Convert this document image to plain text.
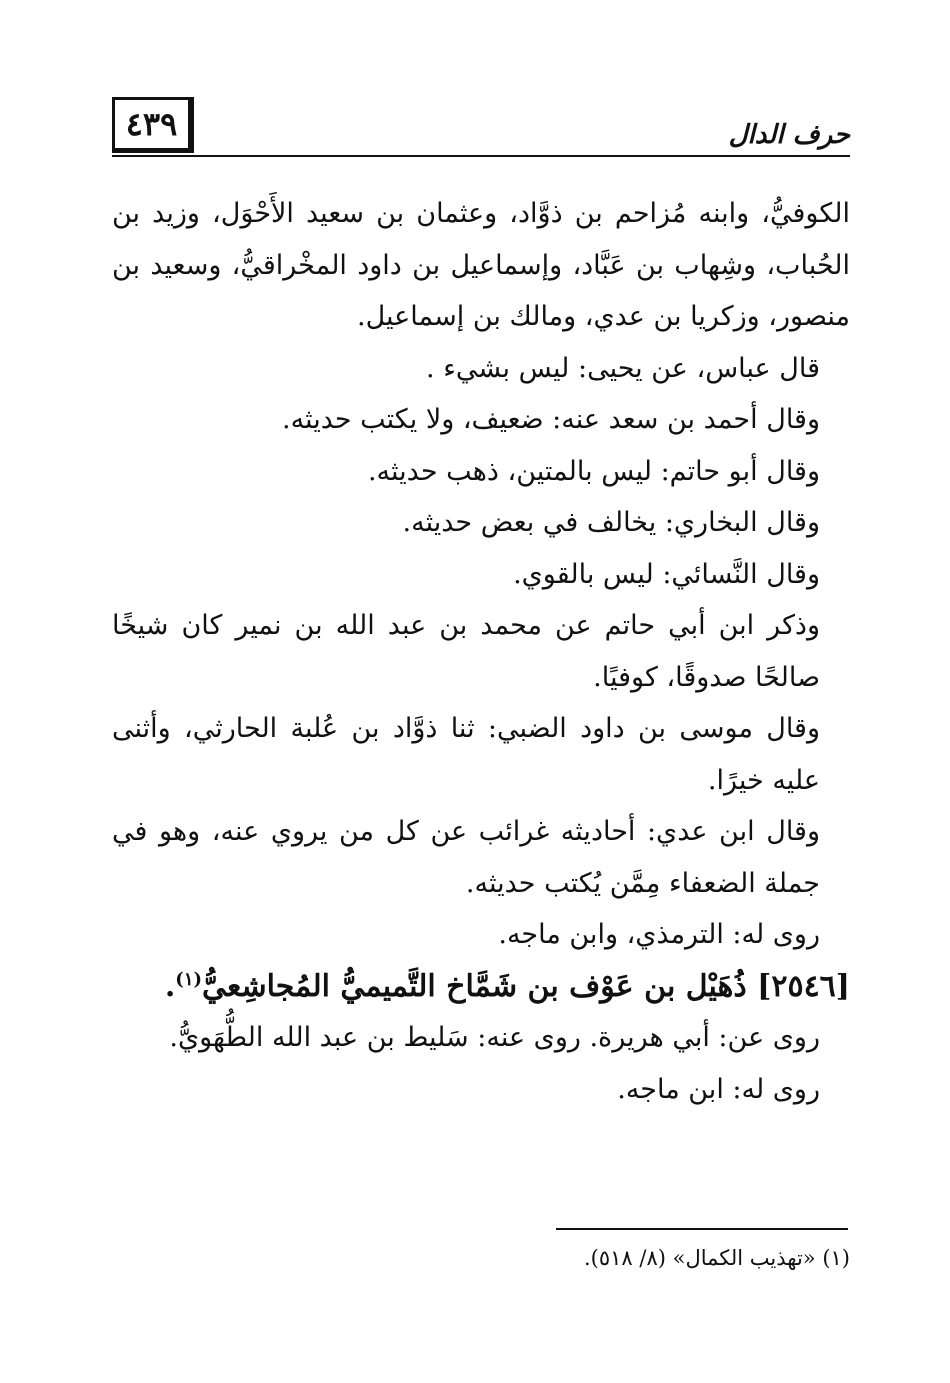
٤٣٩	حرف الدال

الكوفيُّ، وابنه مُزاحم بن ذوَّاد، وعثمان بن سعيد الأَحْوَل، وزيد بن الحُباب، وشِهاب بن عَبَّاد، وإسماعيل بن داود المخْراقيُّ، وسعيد بن منصور، وزكريا بن عدي، ومالك بن إسماعيل.

قال عباس، عن يحيى: ليس بشيء .

وقال أحمد بن سعد عنه: ضعيف، ولا يكتب حديثه.

وقال أبو حاتم: ليس بالمتين، ذهب حديثه.

وقال البخاري: يخالف في بعض حديثه.

وقال النَّسائي: ليس بالقوي.

وذكر ابن أبي حاتم عن محمد بن عبد الله بن نمير كان شيخًا صالحًا صدوقًا، كوفيًا.

وقال موسى بن داود الضبي: ثنا ذوَّاد بن عُلبة الحارثي، وأثنى عليه خيرًا.

وقال ابن عدي: أحاديثه غرائب عن كل من يروي عنه، وهو في جملة الضعفاء مِمَّن يُكتب حديثه.

روى له: الترمذي، وابن ماجه.

[٢٥٤٦] ذُهَيْل بن عَوْف بن شَمَّاخ التَّميميُّ المُجاشِعيُّ$^{(١)}$.

روى عن: أبي هريرة. روى عنه: سَليط بن عبد الله الطُّهَويُّ.

روى له: ابن ماجه.

(١) «تهذيب الكمال» (٨/ ٥١٨).
